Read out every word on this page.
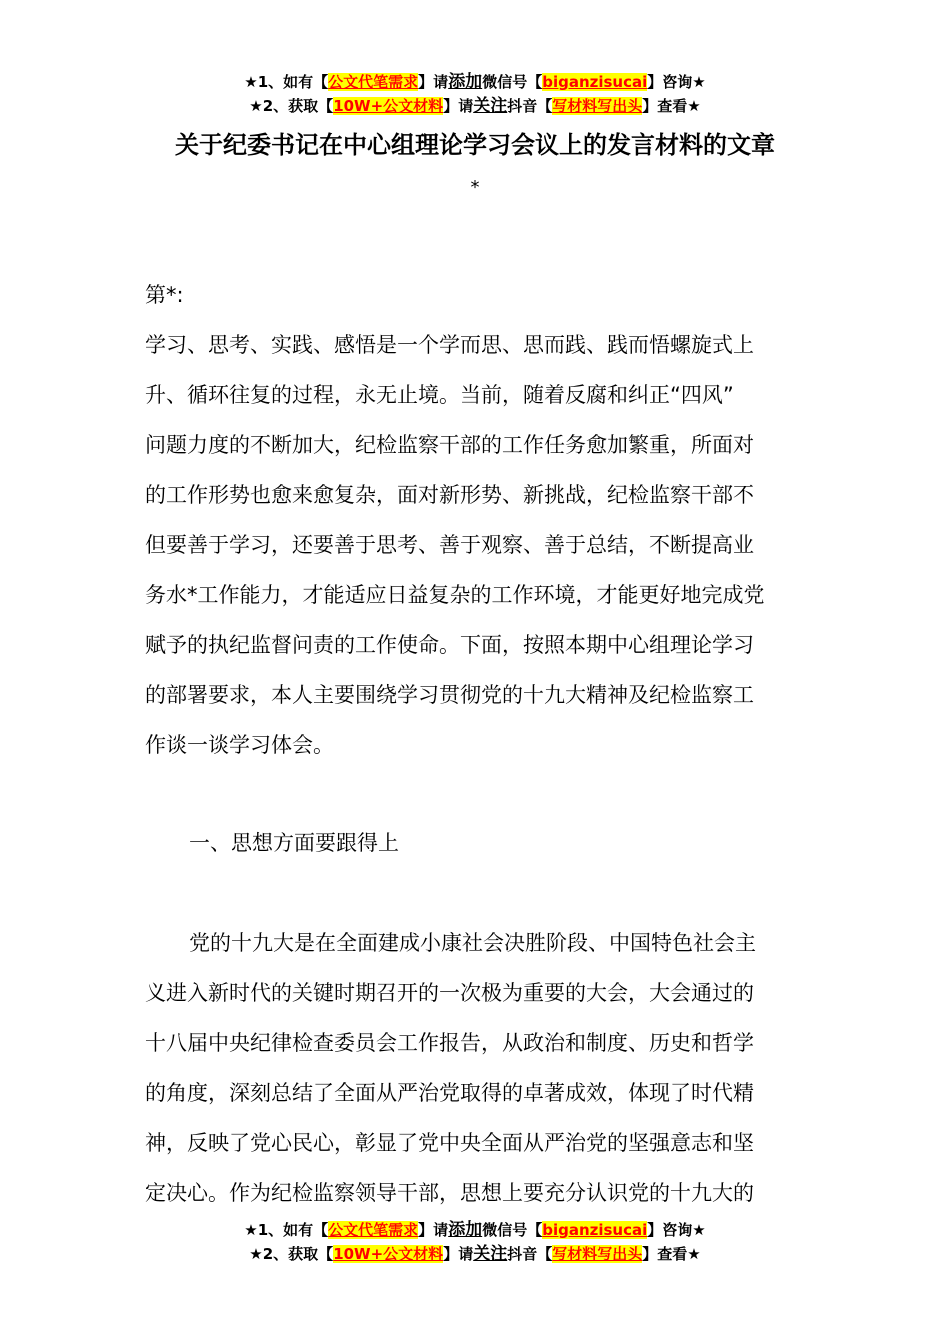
★1、如有【公文代笔需求】请添加微信号【biganzisucai】咨询★
★2、获取【10W+公文材料】请关注抖音【写材料写出头】查看★
关于纪委书记在中心组理论学习会议上的发言材料的文章
*
第*:
学习、思考、实践、感悟是一个学而思、思而践、践而悟螺旋式上
升、循环往复的过程，永无止境。当前，随着反腐和纠正“四风”
问题力度的不断加大，纪检监察干部的工作任务愈加繁重，所面对
的工作形势也愈来愈复杂，面对新形势、新挑战，纪检监察干部不
但要善于学习，还要善于思考、善于观察、善于总结，不断提高业
务水*工作能力，才能适应日益复杂的工作环境，才能更好地完成党
赋予的执纪监督问责的工作使命。下面，按照本期中心组理论学习
的部署要求，本人主要围绕学习贯彻党的十九大精神及纪检监察工
作谈一谈学习体会。
一、思想方面要跟得上
党的十九大是在全面建成小康社会决胜阶段、中国特色社会主
义进入新时代的关键时期召开的一次极为重要的大会，大会通过的
十八届中央纪律检查委员会工作报告，从政治和制度、历史和哲学
的角度，深刻总结了全面从严治党取得的卓著成效，体现了时代精
神，反映了党心民心，彰显了党中央全面从严治党的坚强意志和坚
定决心。作为纪检监察领导干部，思想上要充分认识党的十九大的
★1、如有【公文代笔需求】请添加微信号【biganzisucai】咨询★
★2、获取【10W+公文材料】请关注抖音【写材料写出头】查看★
